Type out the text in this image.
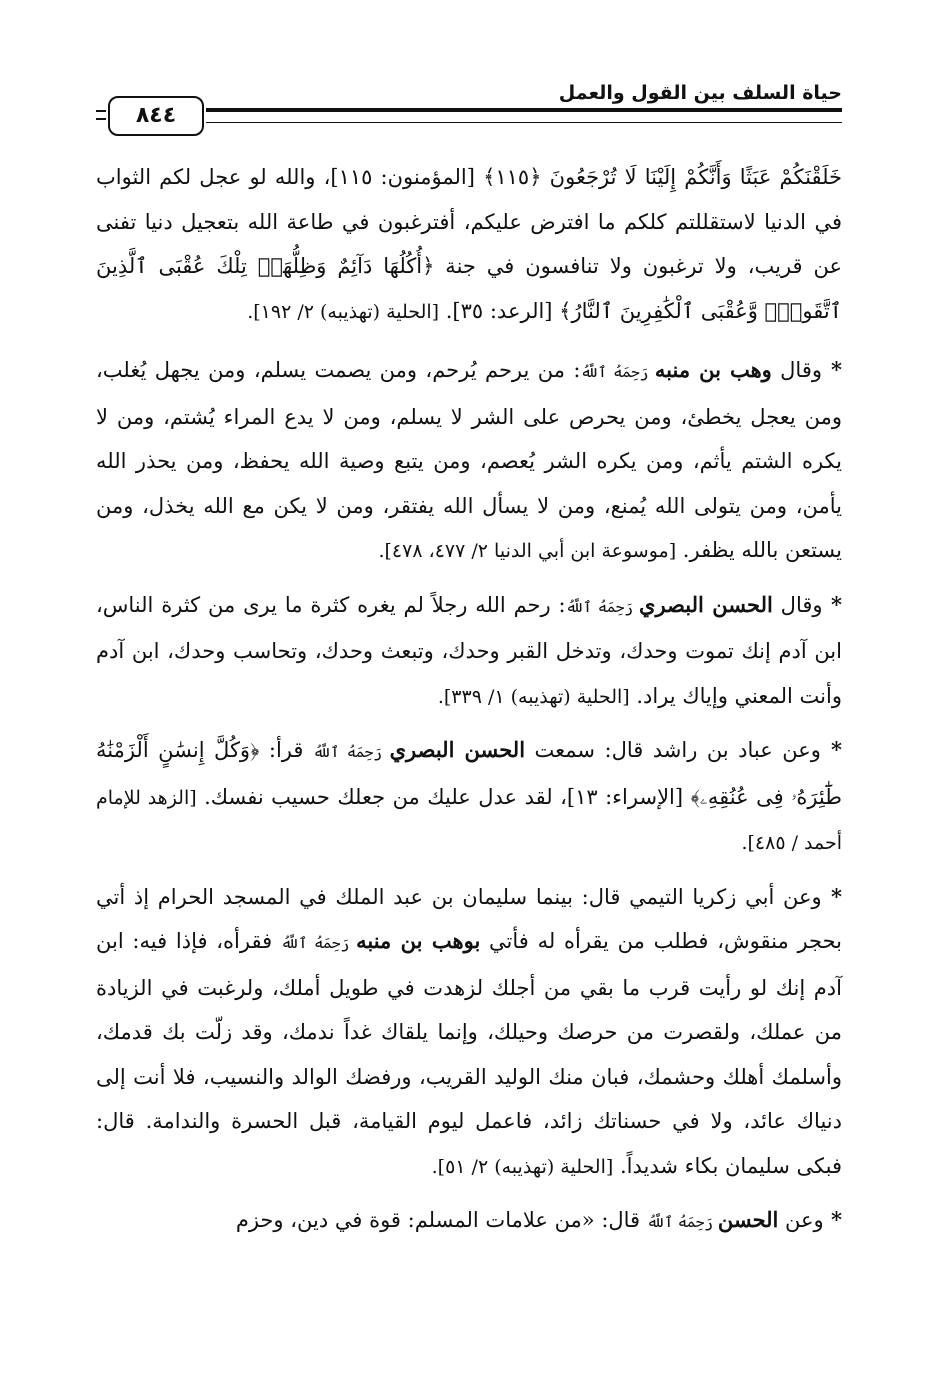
٨٤٤
حياة السلف بين القول والعمل

خَلَقْنَكُمْ عَبَثًا وَأَنَّكُمْ إِلَيْنَا لَا تُرْجَعُونَ ﴿١١٥﴾ [المؤمنون: ١١٥]، والله لو عجل لكم الثواب في الدنيا لاستقللتم كلكم ما افترض عليكم، أفترغبون في طاعة الله بتعجيل دنيا تفنى عن قريب، ولا ترغبون ولا تنافسون في جنة ﴿أُكُلُهَا دَآئِمٌ وَظِلُّهَاۚ تِلْكَ عُقْبَى ٱلَّذِينَ ٱتَّقَواْۖ وَّعُقْبَى ٱلْكَٰفِرِينَ ٱلنَّارُ﴾ [الرعد: ٣٥]. [الحلية (تهذيبه) ٢/ ١٩٢].

* وقال وهب بن منبه رَحِمَهُ ٱللَّهُ: من يرحم يُرحم، ومن يصمت يسلم، ومن يجهل يُغلب، ومن يعجل يخطئ، ومن يحرص على الشر لا يسلم، ومن لا يدع المراء يُشتم، ومن لا يكره الشتم يأثم، ومن يكره الشر يُعصم، ومن يتبع وصية الله يحفظ، ومن يحذر الله يأمن، ومن يتولى الله يُمنع، ومن لا يسأل الله يفتقر، ومن لا يكن مع الله يخذل، ومن يستعن بالله يظفر. [موسوعة ابن أبي الدنيا ٢/ ٤٧٧، ٤٧٨].

* وقال الحسن البصري رَحِمَهُ ٱللَّهُ: رحم الله رجلاً لم يغره كثرة ما يرى من كثرة الناس، ابن آدم إنك تموت وحدك، وتدخل القبر وحدك، وتبعث وحدك، وتحاسب وحدك، ابن آدم وأنت المعني وإياك يراد. [الحلية (تهذيبه) ١/ ٣٣٩].

* وعن عباد بن راشد قال: سمعت الحسن البصري رَحِمَهُ ٱللَّهُ قرأ: ﴿وَكُلَّ إِنسَٰنٍ أَلْزَمْنَٰهُ طَٰٓئِرَهُۥ فِى عُنُقِهِۦ﴾ [الإسراء: ١٣]، لقد عدل عليك من جعلك حسيب نفسك. [الزهد للإمام أحمد / ٤٨٥].

* وعن أبي زكريا التيمي قال: بينما سليمان بن عبد الملك في المسجد الحرام إذ أتي بحجر منقوش، فطلب من يقرأه له فأتي بوهب بن منبه رَحِمَهُ ٱللَّهُ فقرأه، فإذا فيه: ابن آدم إنك لو رأيت قرب ما بقي من أجلك لزهدت في طويل أملك، ولرغبت في الزيادة من عملك، ولقصرت من حرصك وحيلك، وإنما يلقاك غداً ندمك، وقد زلّت بك قدمك، وأسلمك أهلك وحشمك، فبان منك الوليد القريب، ورفضك الوالد والنسيب، فلا أنت إلى دنياك عائد، ولا في حسناتك زائد، فاعمل ليوم القيامة، قبل الحسرة والندامة. قال: فبكى سليمان بكاء شديداً. [الحلية (تهذيبه) ٢/ ٥١].

* وعن الحسن رَحِمَهُ ٱللَّهُ قال: «من علامات المسلم: قوة في دين، وحزم
